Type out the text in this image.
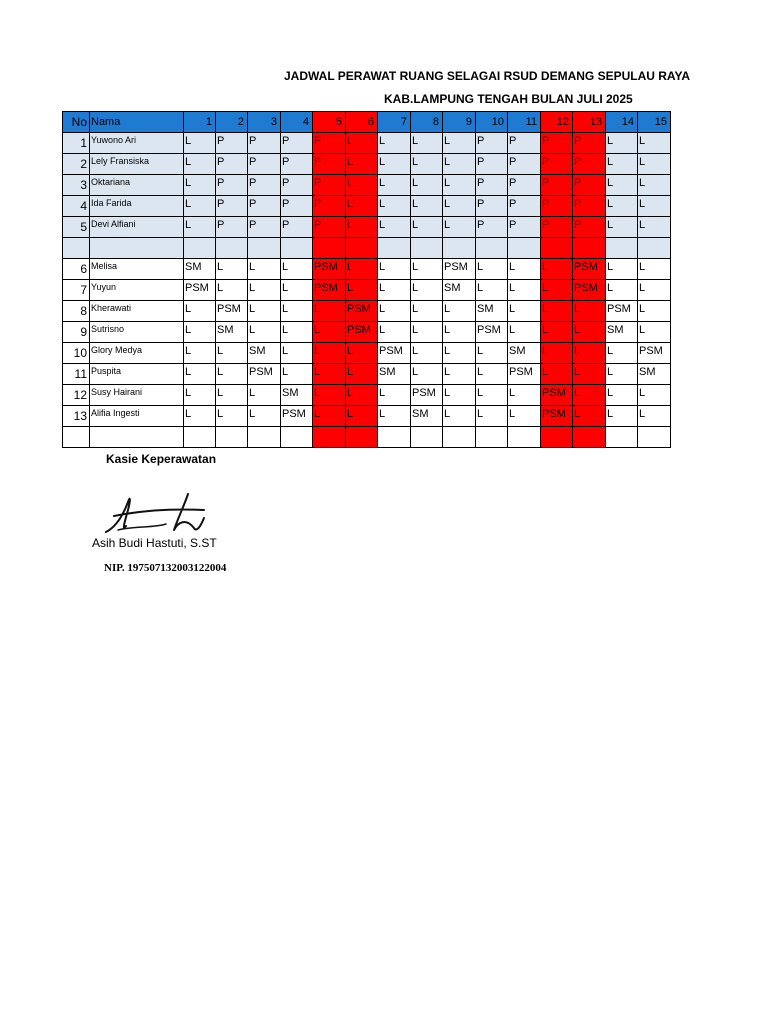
JADWAL PERAWAT RUANG SELAGAI RSUD DEMANG SEPULAU RAYA
KAB.LAMPUNG TENGAH BULAN JULI 2025
No	Nama	1	2	3	4	5	6	7	8	9	10	11	12	13	14	15
1	Yuwono Ari	L	P	P	P	P	L	L	L	L	P	P	P	P	L	L
2	Lely Fransiska	L	P	P	P	P	L	L	L	L	P	P	P	P	L	L
3	Oktariana	L	P	P	P	P	L	L	L	L	P	P	P	P	L	L
4	Ida Farida	L	P	P	P	P	L	L	L	L	P	P	P	P	L	L
5	Devi Alfiani	L	P	P	P	P	L	L	L	L	P	P	P	P	L	L

6	Melisa	SM	L	L	L	PSM	L	L	L	PSM	L	L	L	PSM	L	L
7	Yuyun	PSM	L	L	L	PSM	L	L	L	SM	L	L	L	PSM	L	L
8	Kherawati	L	PSM	L	L	L	PSM	L	L	L	SM	L	L	L	PSM	L
9	Sutrisno	L	SM	L	L	L	PSM	L	L	L	PSM	L	L	L	SM	L
10	Glory Medya	L	L	SM	L	L	L	PSM	L	L	L	SM	L	L	L	PSM
11	Puspita	L	L	PSM	L	L	L	SM	L	L	L	PSM	L	L	L	SM
12	Susy Hairani	L	L	L	SM	L	L	L	PSM	L	L	L	PSM	L	L	L
13	Alifia Ingesti	L	L	L	PSM	L	L	L	SM	L	L	L	PSM	L	L	L

Kasie Keperawatan
Asih Budi Hastuti, S.ST
NIP. 197507132003122004
